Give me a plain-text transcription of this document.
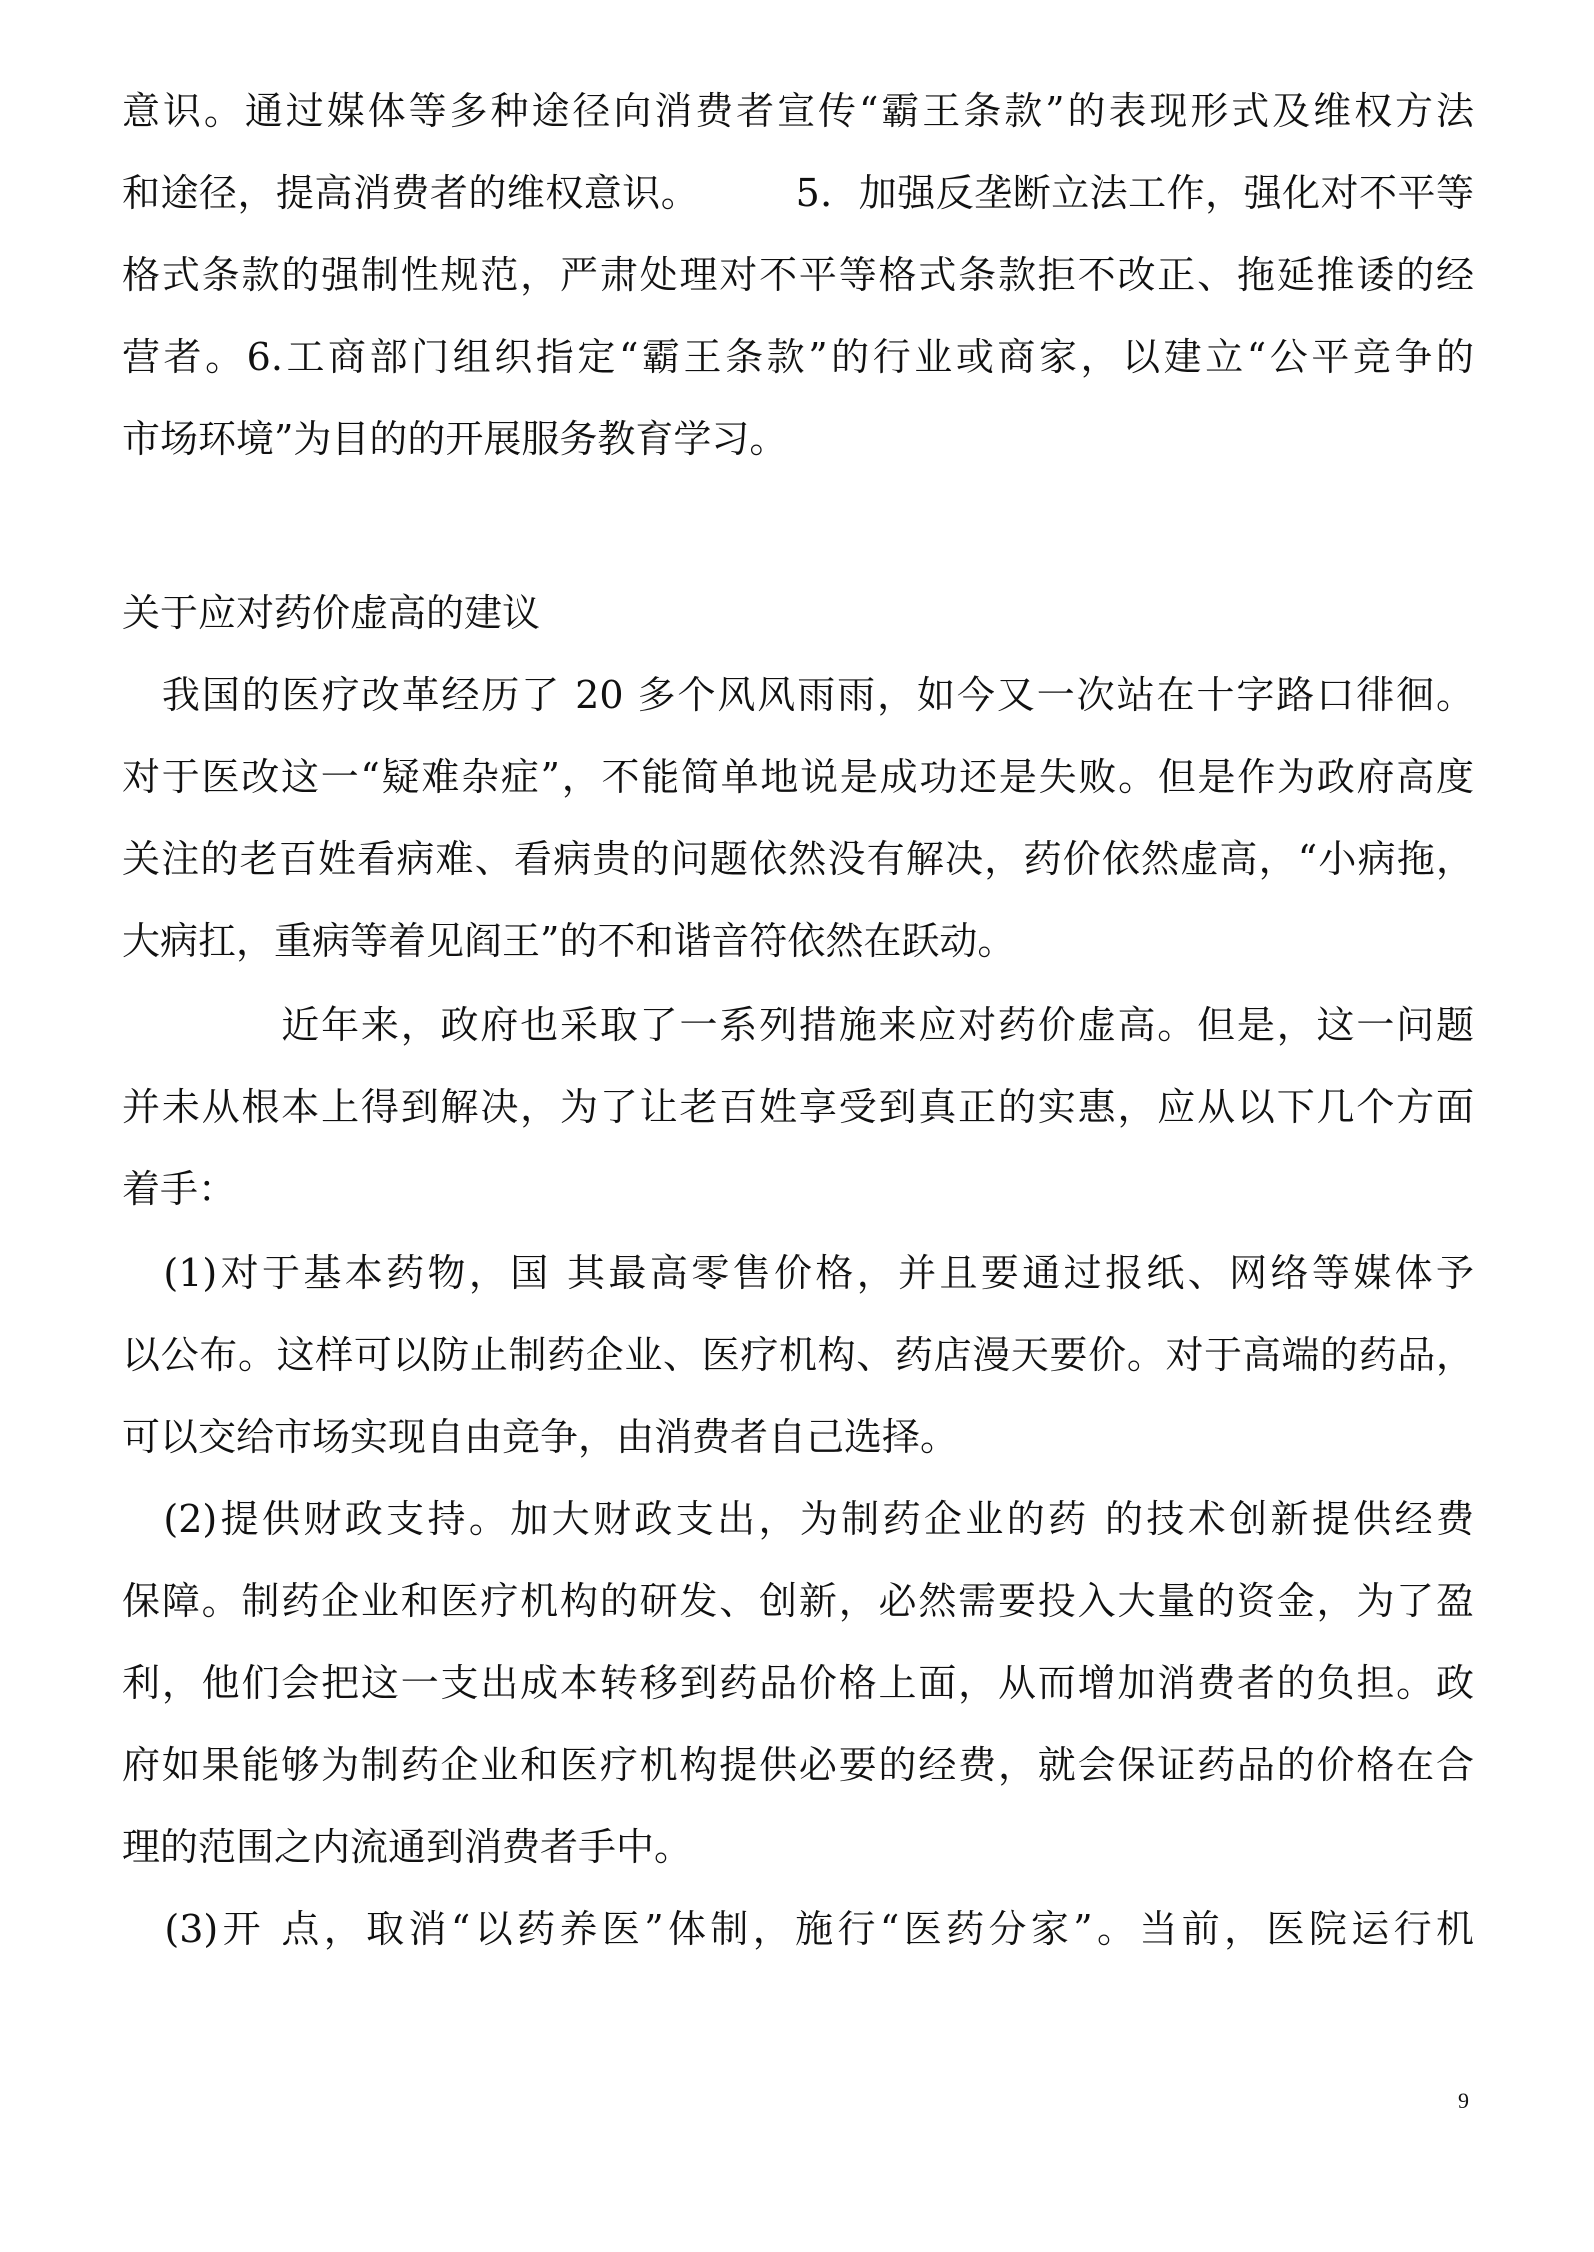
意识。通过媒体等多种途径向消费者宣传“霸王条款”的表现形式及维权方法
和途径，提高消费者的维权意识。　　　5．加强反垄断立法工作，强化对不平等
格式条款的强制性规范，严肃处理对不平等格式条款拒不改正、拖延推诿的经
营者。6.工商部门组织指定“霸王条款”的行业或商家，以建立“公平竞争的
市场环境”为目的的开展服务教育学习。
关于应对药价虚高的建议
　我国的医疗改革经历了 20 多个风风雨雨，如今又一次站在十字路口徘徊。
对于医改这一“疑难杂症”，不能简单地说是成功还是失败。但是作为政府高度
关注的老百姓看病难、看病贵的问题依然没有解决，药价依然虚高，“小病拖，
大病扛，重病等着见阎王”的不和谐音符依然在跃动。
　　　　近年来，政府也采取了一系列措施来应对药价虚高。但是，这一问题
并未从根本上得到解决，为了让老百姓享受到真正的实惠，应从以下几个方面
着手：
　(1)对于基本药物，国 其最高零售价格，并且要通过报纸、网络等媒体予
以公布。这样可以防止制药企业、医疗机构、药店漫天要价。对于高端的药品，
可以交给市场实现自由竞争，由消费者自己选择。
　(2)提供财政支持。加大财政支出，为制药企业的药 的技术创新提供经费
保障。制药企业和医疗机构的研发、创新，必然需要投入大量的资金，为了盈
利，他们会把这一支出成本转移到药品价格上面，从而增加消费者的负担。政
府如果能够为制药企业和医疗机构提供必要的经费，就会保证药品的价格在合
理的范围之内流通到消费者手中。
　(3)开 点，取消“以药养医”体制，施行“医药分家”。当前，医院运行机
9
